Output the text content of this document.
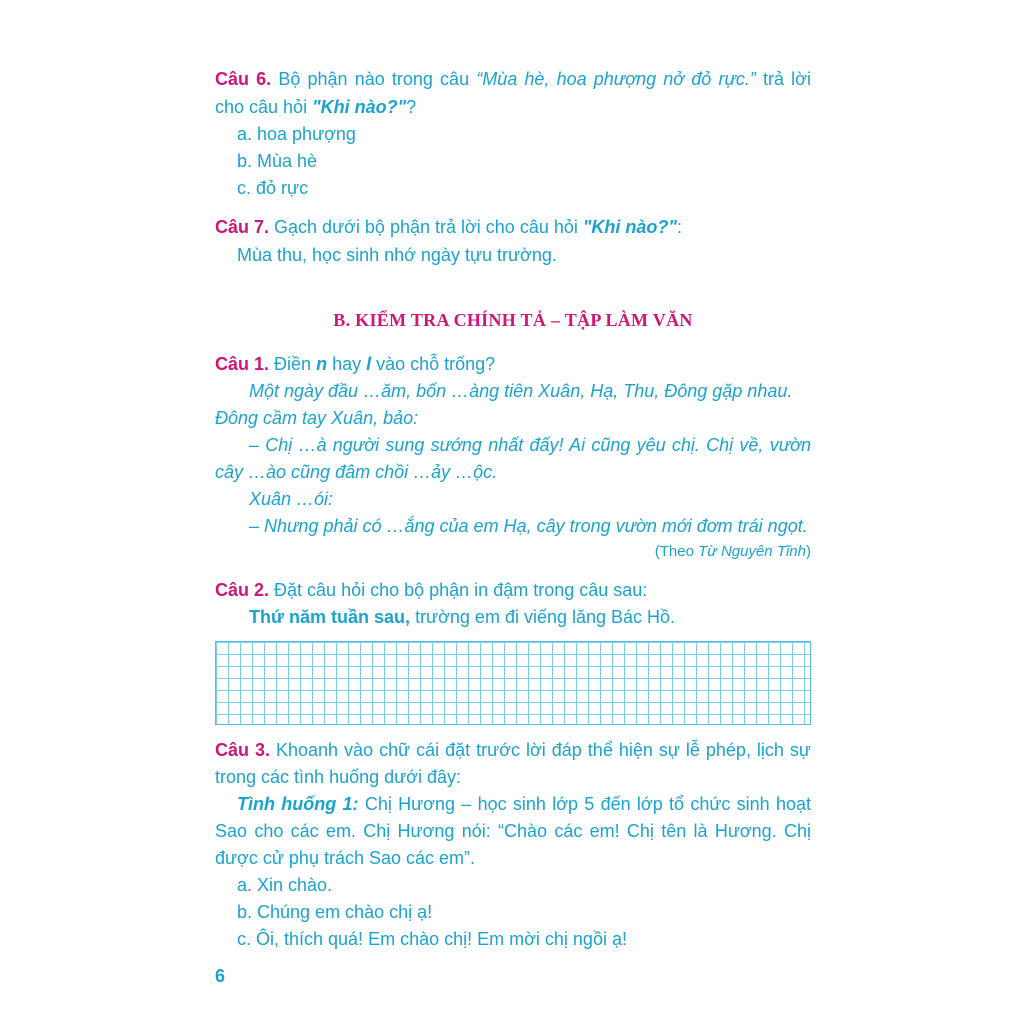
Câu 6. Bộ phận nào trong câu “Mùa hè, hoa phượng nở đỏ rực.” trả lời
cho câu hỏi "Khi nào?"?
a. hoa phượng
b. Mùa hè
c. đỏ rực
Câu 7. Gạch dưới bộ phận trả lời cho câu hỏi "Khi nào?":
Mùa thu, học sinh nhớ ngày tựu trường.
B. KIỂM TRA CHÍNH TẢ – TẬP LÀM VĂN
Câu 1. Điền n hay l vào chỗ trống?
Một ngày đầu …ăm, bốn …àng tiên Xuân, Hạ, Thu, Đông gặp nhau.
Đông cầm tay Xuân, bảo:
– Chị …à người sung sướng nhất đấy! Ai cũng yêu chị. Chị về, vườn
cây …ào cũng đâm chồi …ảy …ộc.
Xuân …ói:
– Nhưng phải có …ắng của em Hạ, cây trong vườn mới đơm trái ngọt.
(Theo Từ Nguyên Tĩnh)
Câu 2. Đặt câu hỏi cho bộ phận in đậm trong câu sau:
Thứ năm tuần sau, trường em đi viếng lăng Bác Hồ.
Câu 3. Khoanh vào chữ cái đặt trước lời đáp thể hiện sự lễ phép, lịch sự
trong các tình huống dưới đây:
Tình huống 1: Chị Hương – học sinh lớp 5 đến lớp tổ chức sinh hoạt
Sao cho các em. Chị Hương nói: “Chào các em! Chị tên là Hương. Chị
được cử phụ trách Sao các em”.
a. Xin chào.
b. Chúng em chào chị ạ!
c. Ôi, thích quá! Em chào chị! Em mời chị ngồi ạ!
6
